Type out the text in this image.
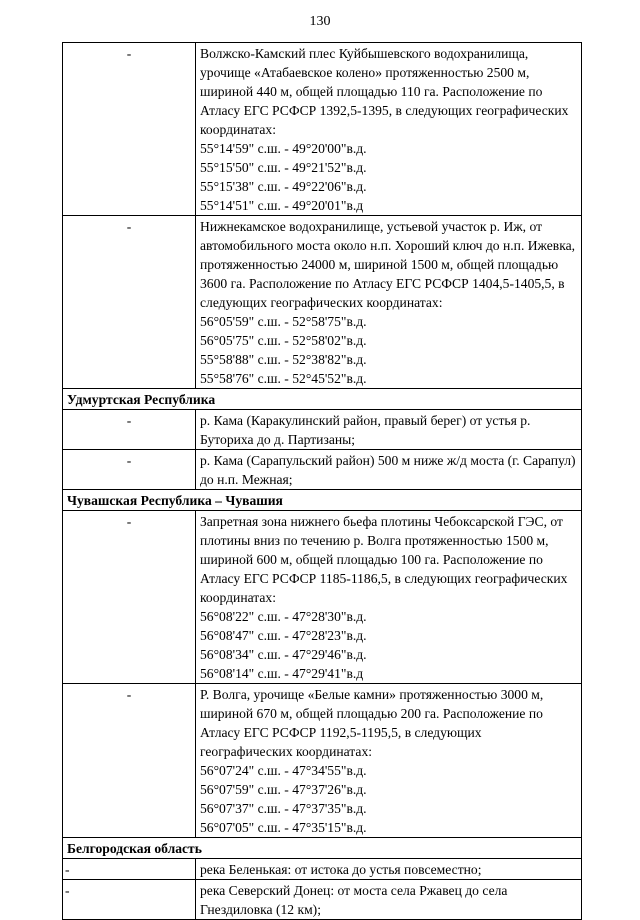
130
-	Волжско-Камский плес Куйбышевского водохранилища, урочище «Атабаевское колено» протяженностью 2500 м, шириной 440 м, общей площадью 110 га. Расположение по Атласу ЕГС РСФСР 1392,5-1395, в следующих географических координатах:
55°14'59" с.ш. - 49°20'00"в.д.
55°15'50" с.ш. - 49°21'52"в.д.
55°15'38" с.ш. - 49°22'06"в.д.
55°14'51" с.ш. - 49°20'01"в.д

-	Нижнекамское водохранилище, устьевой участок р. Иж, от автомобильного моста около н.п. Хороший ключ до н.п. Ижевка, протяженностью 24000 м, шириной 1500 м, общей площадью 3600 га. Расположение по Атласу ЕГС РСФСР 1404,5-1405,5, в следующих географических координатах:
56°05'59" с.ш. - 52°58'75"в.д.
56°05'75" с.ш. - 52°58'02"в.д.
55°58'88" с.ш. - 52°38'82"в.д.
55°58'76" с.ш. - 52°45'52"в.д.

Удмуртская Республика	
-	р. Кама (Каракулинский район, правый берег) от устья р. Буториха до д. Партизаны;

-	р. Кама (Сарапульский район) 500 м ниже ж/д моста (г. Сарапул) до н.п. Межная;

Чувашская Республика – Чувашия	
-	Запретная зона нижнего бьефа плотины Чебоксарской ГЭС, от плотины вниз по течению р. Волга протяженностью 1500 м, шириной 600 м, общей площадью 100 га. Расположение по Атласу ЕГС РСФСР 1185-1186,5, в следующих географических координатах:
56°08'22" с.ш. - 47°28'30"в.д.
56°08'47" с.ш. - 47°28'23"в.д.
56°08'34" с.ш. - 47°29'46"в.д.
56°08'14" с.ш. - 47°29'41"в.д

-	Р. Волга, урочище «Белые камни» протяженностью 3000 м, шириной 670 м, общей площадью 200 га. Расположение по Атласу ЕГС РСФСР 1192,5-1195,5, в следующих географических координатах:
56°07'24" с.ш. - 47°34'55"в.д.
56°07'59" с.ш. - 47°37'26"в.д.
56°07'37" с.ш. - 47°37'35"в.д.
56°07'05" с.ш. - 47°35'15"в.д.

Белгородская область	
-	река Беленькая: от истока до устья повсеместно;

-	река Северский Донец: от моста села Ржавец до села Гнездиловка (12 км);
